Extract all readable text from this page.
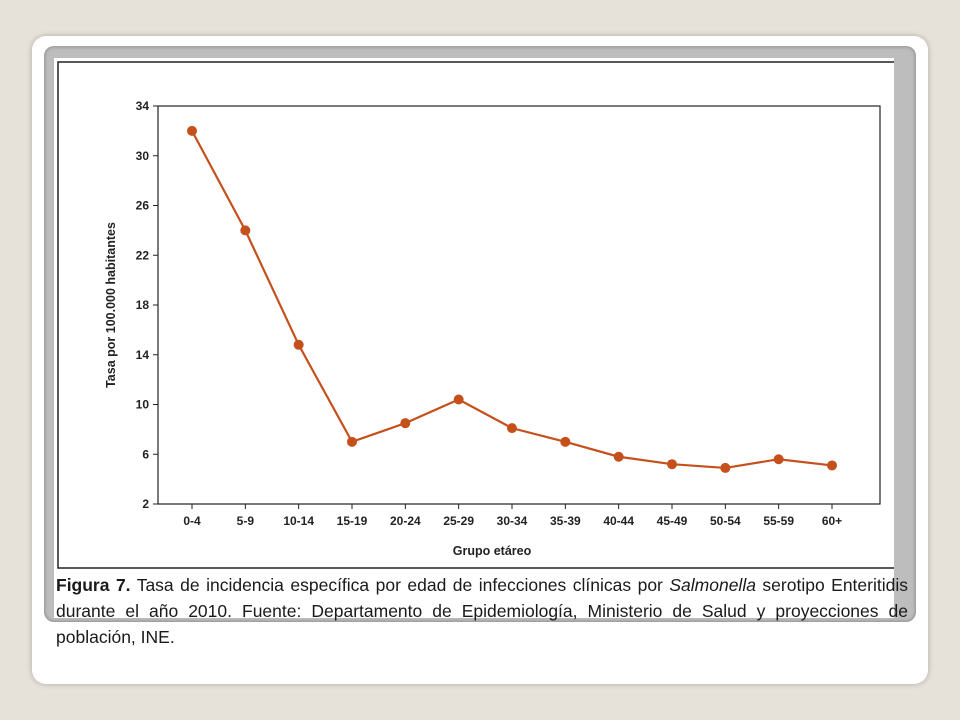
2
6
10
14
18
22
26
30
34
0-4	5-9 10-14 15-19 20-24 25-29 30-34 35-39 40-44 45-49 50-54 55-59 60+
Tasa por 100.000 habitantes
Grupo etáreo
Figura 7. Tasa de incidencia específica por edad de infecciones clínicas por Salmonella serotipo Enteritidis durante el año 2010. Fuente: Departamento de Epidemiología, Ministerio de Salud y proyecciones de población, INE.
